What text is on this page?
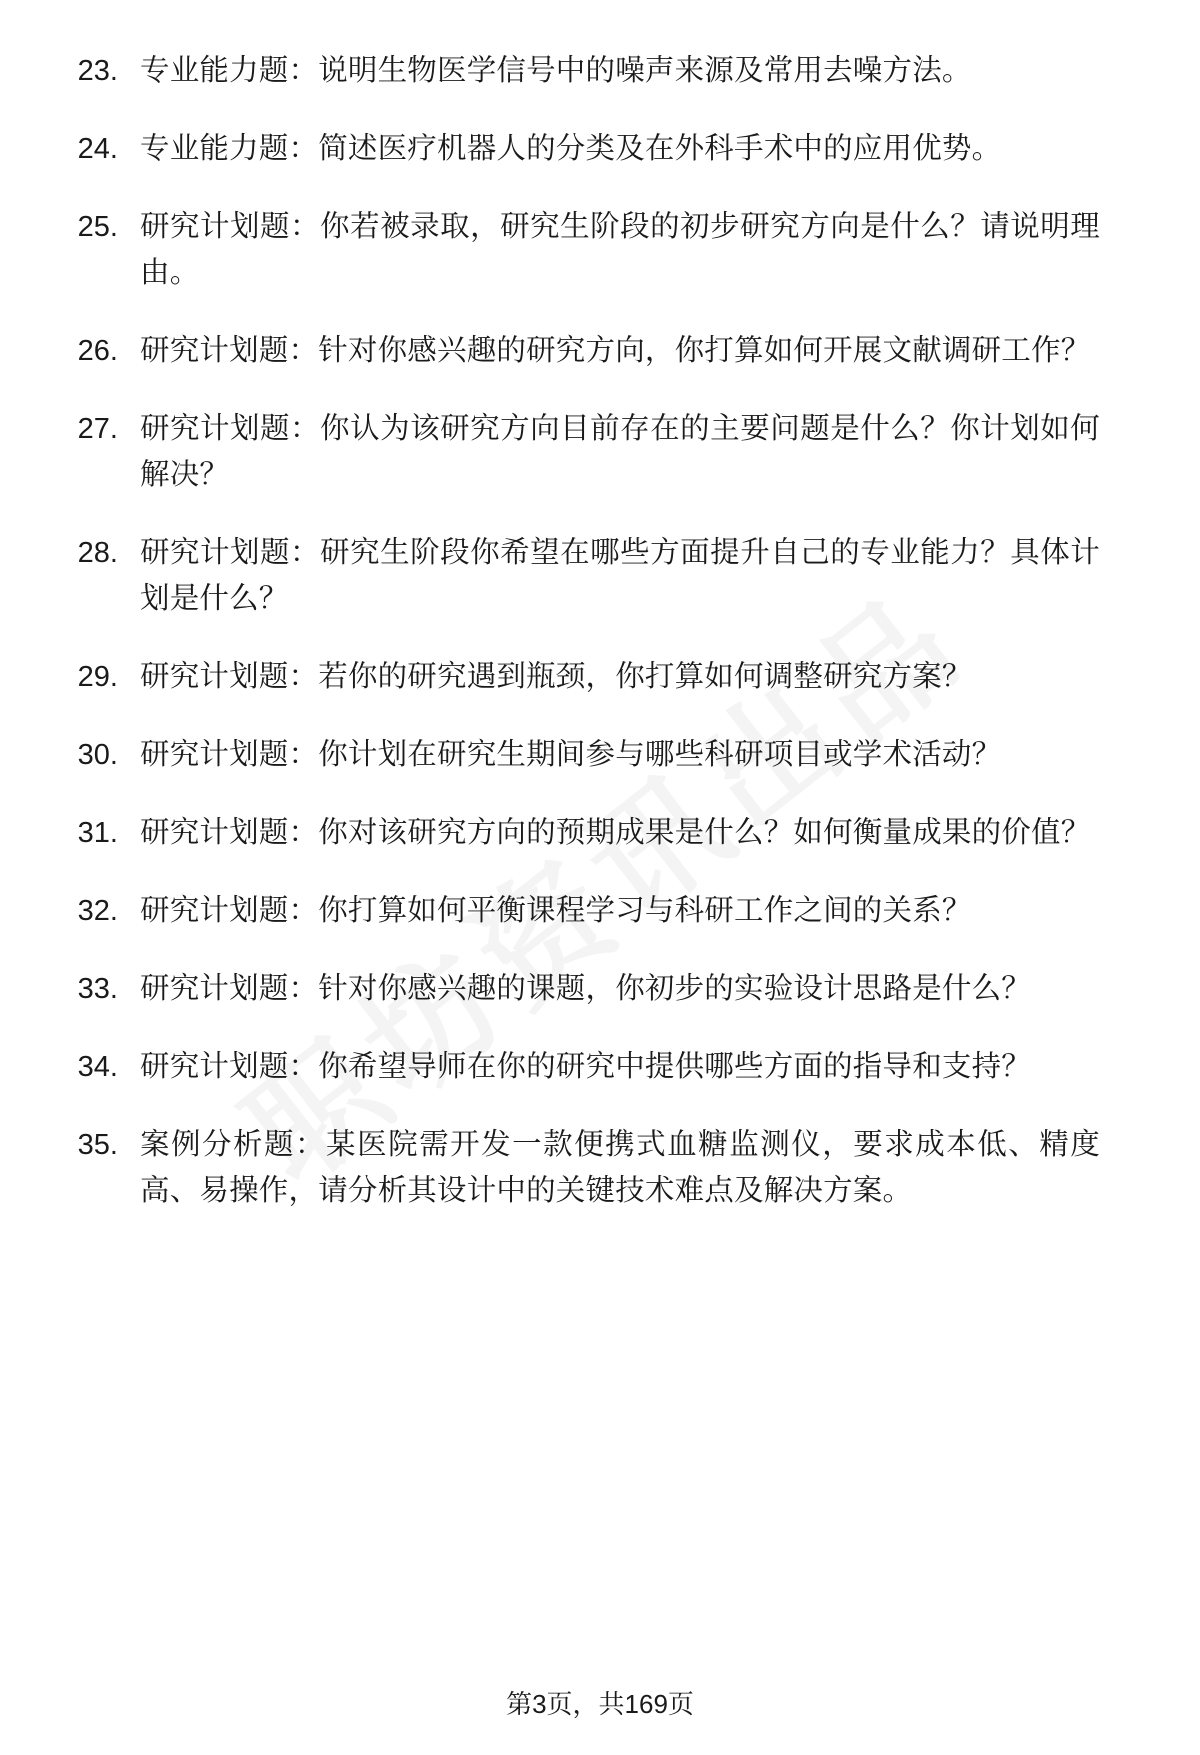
23. 专业能力题：说明生物医学信号中的噪声来源及常用去噪方法。
24. 专业能力题：简述医疗机器人的分类及在外科手术中的应用优势。
25. 研究计划题：你若被录取，研究生阶段的初步研究方向是什么？请说明理由。
26. 研究计划题：针对你感兴趣的研究方向，你打算如何开展文献调研工作？
27. 研究计划题：你认为该研究方向目前存在的主要问题是什么？你计划如何解决？
28. 研究计划题：研究生阶段你希望在哪些方面提升自己的专业能力？具体计划是什么？
29. 研究计划题：若你的研究遇到瓶颈，你打算如何调整研究方案？
30. 研究计划题：你计划在研究生期间参与哪些科研项目或学术活动？
31. 研究计划题：你对该研究方向的预期成果是什么？如何衡量成果的价值？
32. 研究计划题：你打算如何平衡课程学习与科研工作之间的关系？
33. 研究计划题：针对你感兴趣的课题，你初步的实验设计思路是什么？
34. 研究计划题：你希望导师在你的研究中提供哪些方面的指导和支持？
35. 案例分析题：某医院需开发一款便携式血糖监测仪，要求成本低、精度高、易操作，请分析其设计中的关键技术难点及解决方案。
第3页，共169页
